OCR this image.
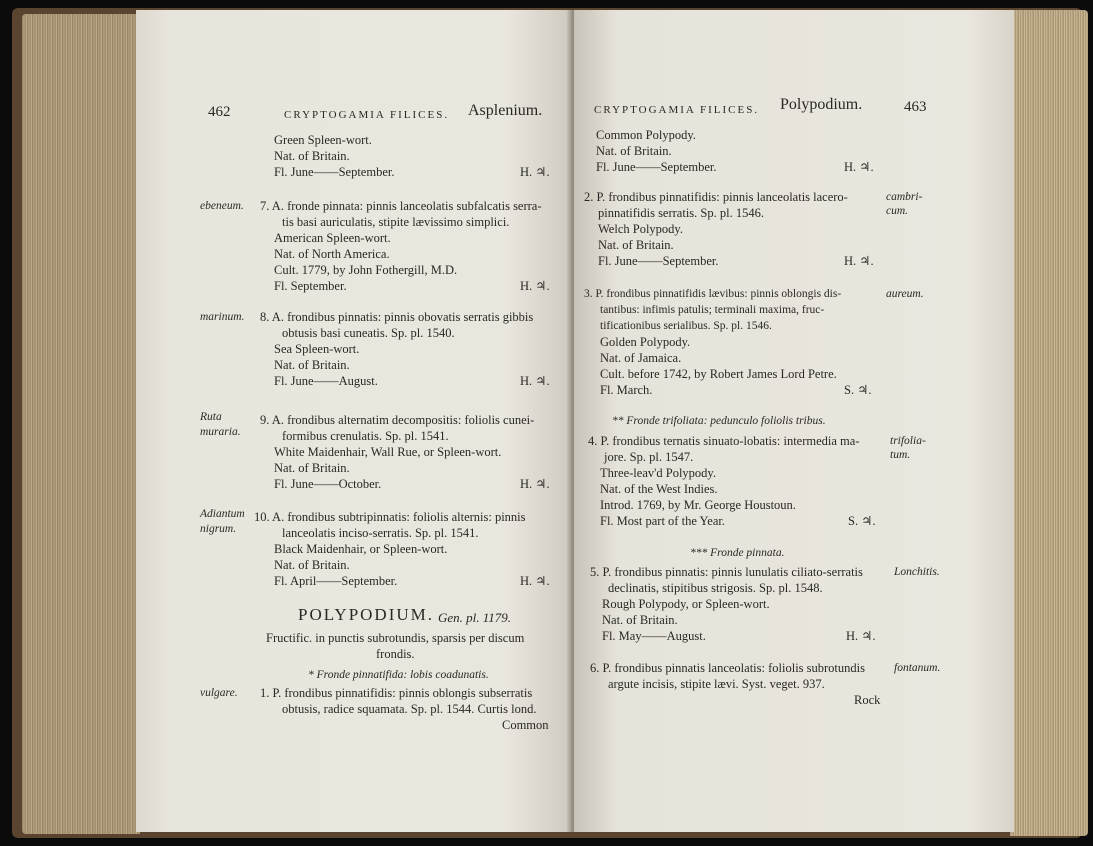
462	CRYPTOGAMIA FILICES. Asplenium.
Green Spleen-wort.
Nat. of Britain.
Fl. June——September.	H. ♃.
ebeneum. 7. A. fronde pinnata: pinnis lanceolatis subfalcatis serra-
tis basi auriculatis, stipite lævissimo simplici.
American Spleen-wort.
Nat. of North America.
Cult. 1779, by John Fothergill, M.D.
Fl. September.	H. ♃.
marinum. 8. A. frondibus pinnatis: pinnis obovatis serratis gibbis
obtusis basi cuneatis. Sp. pl. 1540.
Sea Spleen-wort.
Nat. of Britain.
Fl. June——August.	H. ♃.
Ruta
muraria.
9. A. frondibus alternatim decompositis: foliolis cunei-
formibus crenulatis. Sp. pl. 1541.
White Maidenhair, Wall Rue, or Spleen-wort.
Nat. of Britain.
Fl. June——October.	H. ♃.
Adiantum
nigrum.
10. A. frondibus subtripinnatis: foliolis alternis: pinnis
lanceolatis inciso-serratis. Sp. pl. 1541.
Black Maidenhair, or Spleen-wort.
Nat. of Britain.
Fl. April——September.	H. ♃.
POLYPODIUM. Gen. pl. 1179.
Fructific. in punctis subrotundis, sparsis per discum
frondis.
* Fronde pinnatifida: lobis coadunatis.
vulgare. 1. P. frondibus pinnatifidis: pinnis oblongis subserratis
obtusis, radice squamata. Sp. pl. 1544. Curtis lond.
Common
CRYPTOGAMIA FILICES. Polypodium.	463
Common Polypody.
Nat. of Britain.
Fl. June——September.	H. ♃.
2. P. frondibus pinnatifidis: pinnis lanceolatis lacero-
pinnatifidis serratis. Sp. pl. 1546.
Welch Polypody.
Nat. of Britain.
Fl. June——September.	H. ♃.
cambri-
cum.
3. P. frondibus pinnatifidis lævibus: pinnis oblongis dis-
tantibus: infimis patulis; terminali maxima, fruc-
tificationibus serialibus. Sp. pl. 1546.
Golden Polypody.
Nat. of Jamaica.
Cult. before 1742, by Robert James Lord Petre.
Fl. March.	S. ♃.
aureum.
** Fronde trifoliata: pedunculo foliolis tribus.
4. P. frondibus ternatis sinuato-lobatis: intermedia ma-
jore. Sp. pl. 1547.
Three-leav'd Polypody.
Nat. of the West Indies.
Introd. 1769, by Mr. George Houstoun.
Fl. Most part of the Year.	S. ♃.
trifolia-
tum.
*** Fronde pinnata.
5. P. frondibus pinnatis: pinnis lunulatis ciliato-serratis
declinatis, stipitibus strigosis. Sp. pl. 1548.
Rough Polypody, or Spleen-wort.
Nat. of Britain.
Fl. May——August.	H. ♃.
Lonchitis.
6. P. frondibus pinnatis lanceolatis: foliolis subrotundis
argute incisis, stipite lævi. Syst. veget. 937.
Rock
fontanum.
